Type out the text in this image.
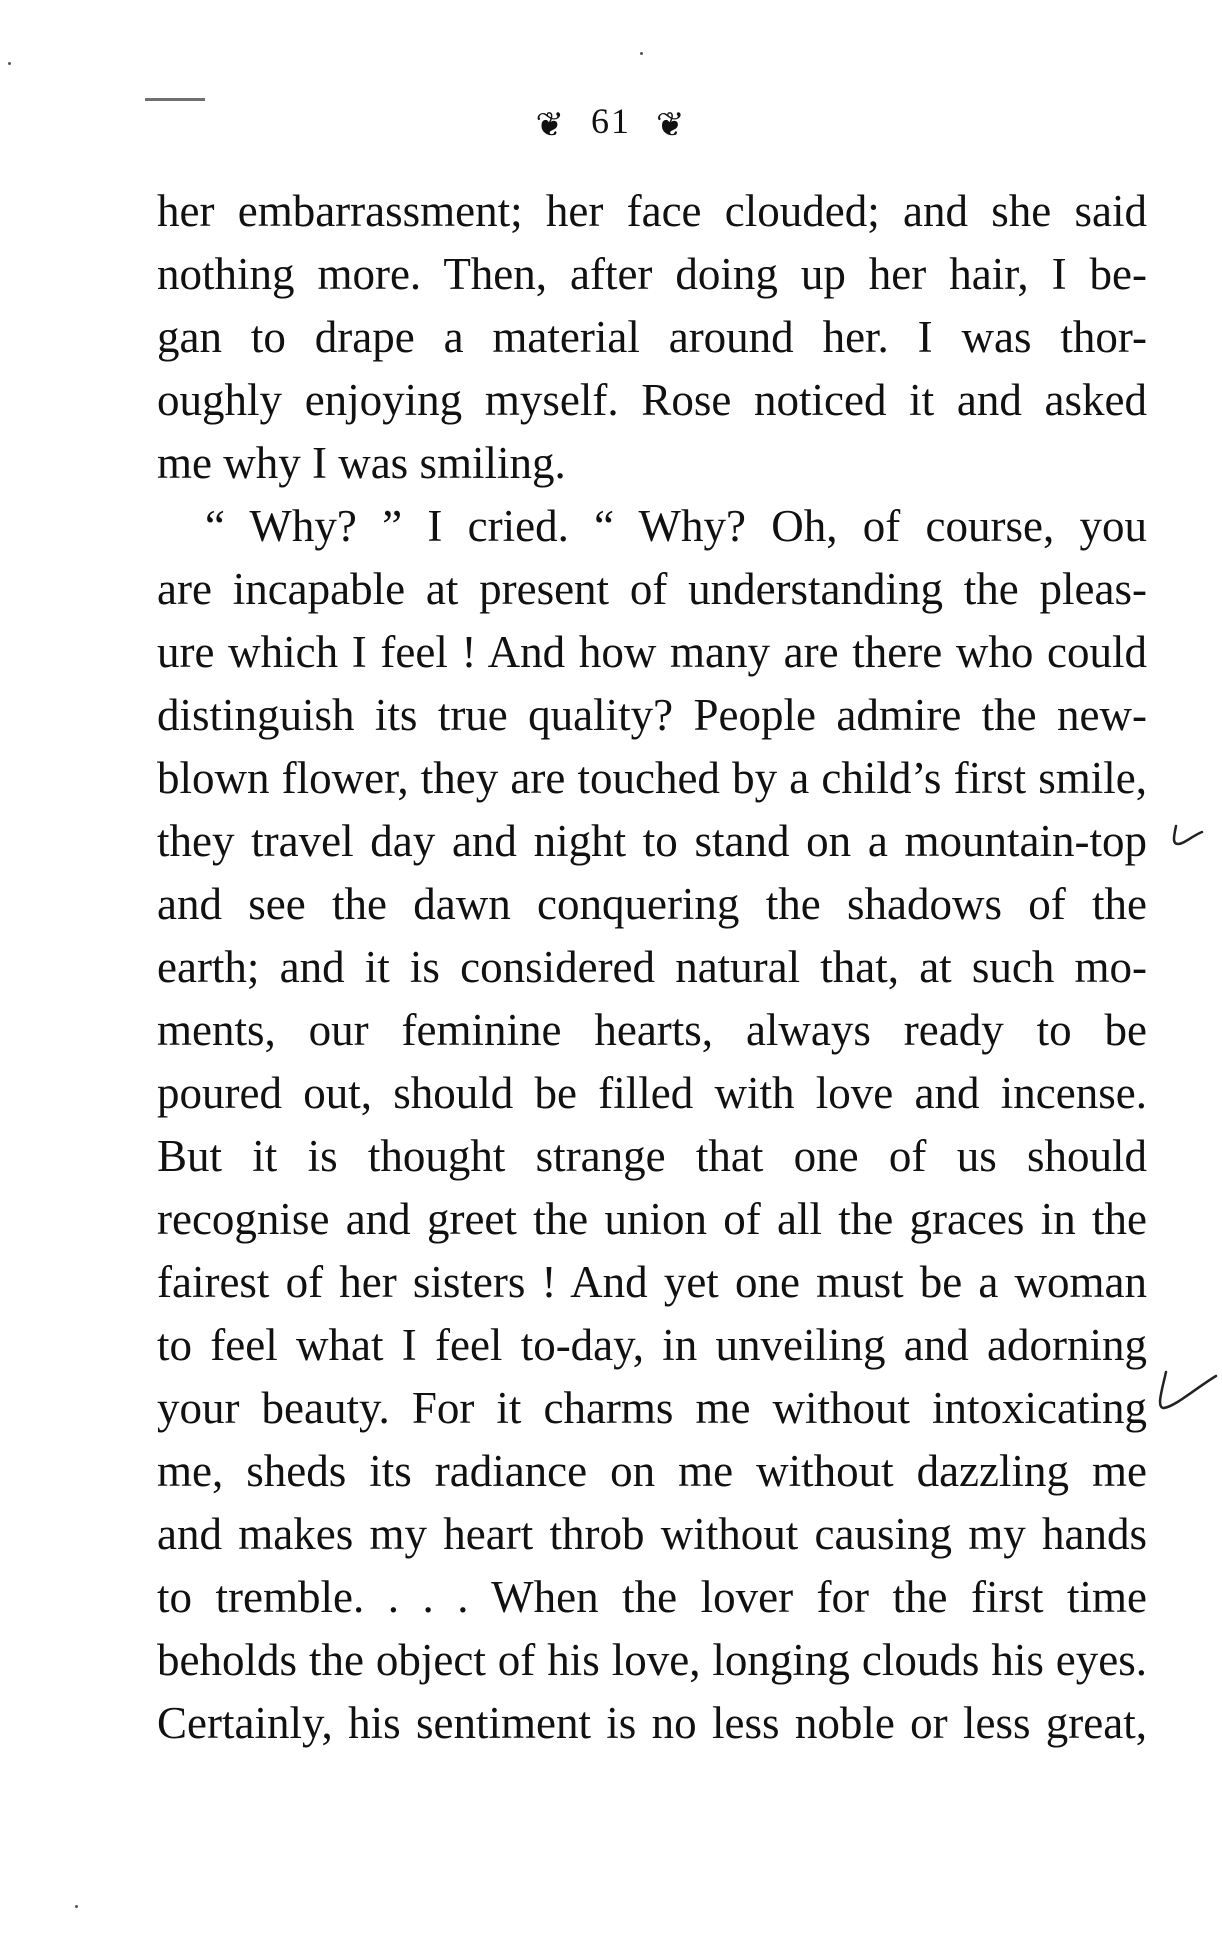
❦ 61 ❦
her embarrassment; her face clouded; and she said
nothing more. Then, after doing up her hair, I be-
gan to drape a material around her. I was thor-
oughly enjoying myself. Rose noticed it and asked
me why I was smiling.
“ Why? ” I cried. “ Why? Oh, of course, you
are incapable at present of understanding the pleas-
ure which I feel ! And how many are there who could
distinguish its true quality? People admire the new-
blown flower, they are touched by a child’s first smile,
they travel day and night to stand on a mountain-top
and see the dawn conquering the shadows of the
earth; and it is considered natural that, at such mo-
ments, our feminine hearts, always ready to be
poured out, should be filled with love and incense.
But it is thought strange that one of us should
recognise and greet the union of all the graces in the
fairest of her sisters ! And yet one must be a woman
to feel what I feel to-day, in unveiling and adorning
your beauty. For it charms me without intoxicating
me, sheds its radiance on me without dazzling me
and makes my heart throb without causing my hands
to tremble. . . . When the lover for the first time
beholds the object of his love, longing clouds his eyes.
Certainly, his sentiment is no less noble or less great,
